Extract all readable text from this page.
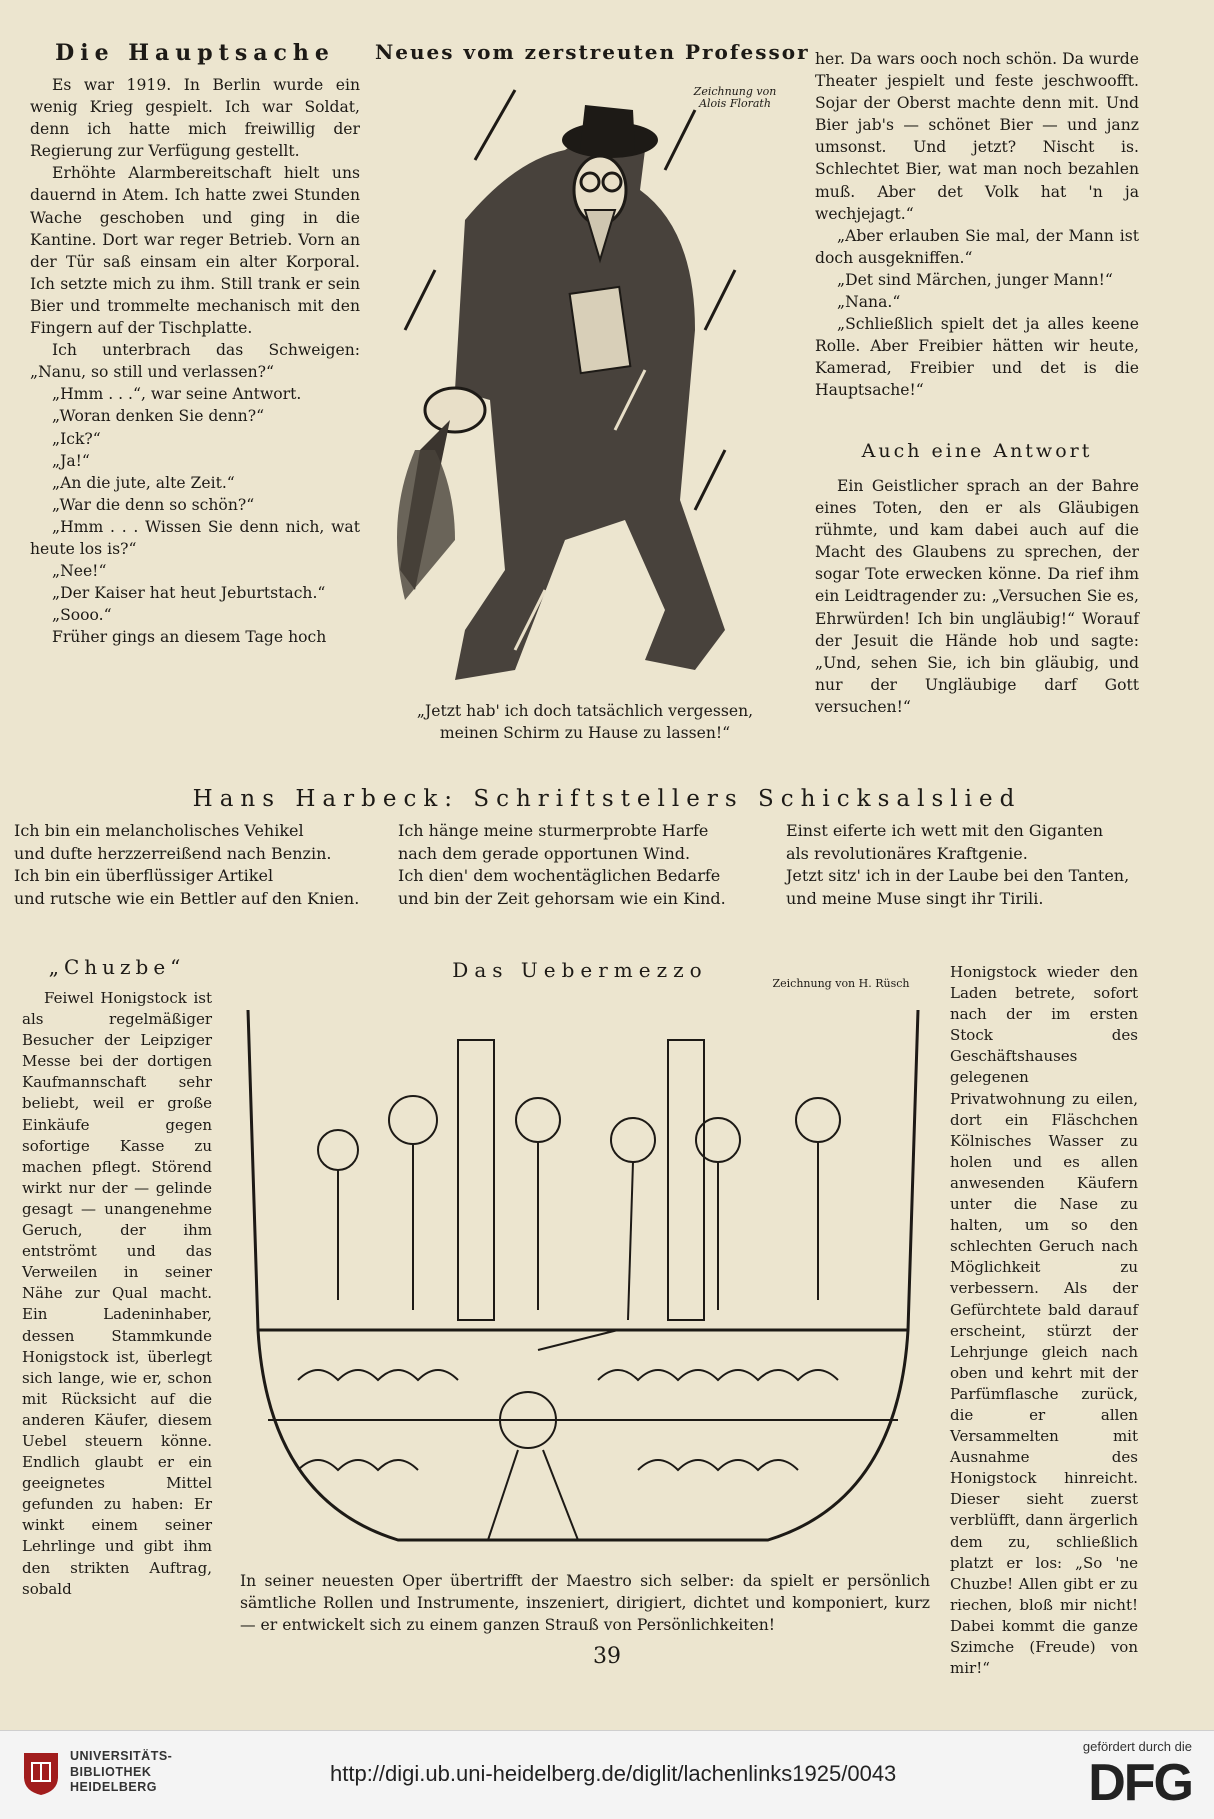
Die Hauptsache

Es war 1919. In Berlin wurde ein wenig Krieg gespielt. Ich war Soldat, denn ich hatte mich freiwillig der Regierung zur Verfügung gestellt.

Erhöhte Alarmbereitschaft hielt uns dauernd in Atem. Ich hatte zwei Stunden Wache geschoben und ging in die Kantine. Dort war reger Betrieb. Vorn an der Tür saß einsam ein alter Korporal. Ich setzte mich zu ihm. Still trank er sein Bier und trommelte mechanisch mit den Fingern auf der Tischplatte.

Ich unterbrach das Schweigen: „Nanu, so still und verlassen?“

„Hmm . . .“, war seine Antwort.

„Woran denken Sie denn?“

„Ick?“

„Ja!“

„An die jute, alte Zeit.“

„War die denn so schön?“

„Hmm . . . Wissen Sie denn nich, wat heute los is?“

„Nee!“

„Der Kaiser hat heut Jeburtstach.“

„Sooo.“

Früher gings an diesem Tage hoch

Neues vom zerstreuten Professor
Zeichnung von
Alois Florath
„Jetzt hab' ich doch tatsächlich vergessen,
meinen Schirm zu Hause zu lassen!“

her. Da wars ooch noch schön. Da wurde Theater jespielt und feste jeschwoofft. Sojar der Oberst machte denn mit. Und Bier jab's — schönet Bier — und janz umsonst. Und jetzt? Nischt is. Schlechtet Bier, wat man noch bezahlen muß. Aber det Volk hat 'n ja wechjejagt.“

„Aber erlauben Sie mal, der Mann ist doch ausgekniffen.“

„Det sind Märchen, junger Mann!“

„Nana.“

„Schließlich spielt det ja alles keene Rolle. Aber Freibier hätten wir heute, Kamerad, Freibier und det is die Hauptsache!“

Auch eine Antwort

Ein Geistlicher sprach an der Bahre eines Toten, den er als Gläubigen rühmte, und kam dabei auch auf die Macht des Glaubens zu sprechen, der sogar Tote erwecken könne. Da rief ihm ein Leidtragender zu: „Versuchen Sie es, Ehrwürden! Ich bin ungläubig!“ Worauf der Jesuit die Hände hob und sagte: „Und, sehen Sie, ich bin gläubig, und nur der Ungläubige darf Gott versuchen!“

Hans Harbeck: Schriftstellers Schicksalslied
Ich bin ein melancholisches Vehikel
und dufte herzzerreißend nach Benzin.
Ich bin ein überflüssiger Artikel
und rutsche wie ein Bettler auf den Knien.
Ich hänge meine sturmerprobte Harfe
nach dem gerade opportunen Wind.
Ich dien' dem wochentäglichen Bedarfe
und bin der Zeit gehorsam wie ein Kind.
Einst eiferte ich wett mit den Giganten
als revolutionäres Kraftgenie.
Jetzt sitz' ich in der Laube bei den Tanten,
und meine Muse singt ihr Tirili.
„Chuzbe“

Feiwel Honigstock ist als regelmäßiger Besucher der Leipziger Messe bei der dortigen Kaufmannschaft sehr beliebt, weil er große Einkäufe gegen sofortige Kasse zu machen pflegt. Störend wirkt nur der — gelinde gesagt — unangenehme Geruch, der ihm entströmt und das Verweilen in seiner Nähe zur Qual macht. Ein Ladeninhaber, dessen Stammkunde Honigstock ist, überlegt sich lange, wie er, schon mit Rücksicht auf die anderen Käufer, diesem Uebel steuern könne. Endlich glaubt er ein geeignetes Mittel gefunden zu haben: Er winkt einem seiner Lehrlinge und gibt ihm den strikten Auftrag, sobald

Das Uebermezzo
Zeichnung von H. Rüsch
In seiner neuesten Oper übertrifft der Maestro sich selber: da spielt er persönlich sämtliche Rollen und Instrumente, inszeniert, dirigiert, dichtet und komponiert, kurz — er entwickelt sich zu einem ganzen Strauß von Persönlichkeiten!

Honigstock wieder den Laden betrete, sofort nach der im ersten Stock des Geschäftshauses gelegenen Privatwohnung zu eilen, dort ein Fläschchen Kölnisches Wasser zu holen und es allen anwesenden Käufern unter die Nase zu halten, um so den schlechten Geruch nach Möglichkeit zu verbessern. Als der Gefürchtete bald darauf erscheint, stürzt der Lehrjunge gleich nach oben und kehrt mit der Parfümflasche zurück, die er allen Versammelten mit Ausnahme des Honigstock hinreicht. Dieser sieht zuerst verblüfft, dann ärgerlich dem zu, schließlich platzt er los: „So 'ne Chuzbe! Allen gibt er zu riechen, bloß mir nicht! Dabei kommt die ganze Szimche (Freude) von mir!“

39
UNIVERSITÄTS-
BIBLIOTHEK
HEIDELBERG
http://digi.ub.uni-heidelberg.de/diglit/lachenlinks1925/0043
gefördert durch die
DFG
